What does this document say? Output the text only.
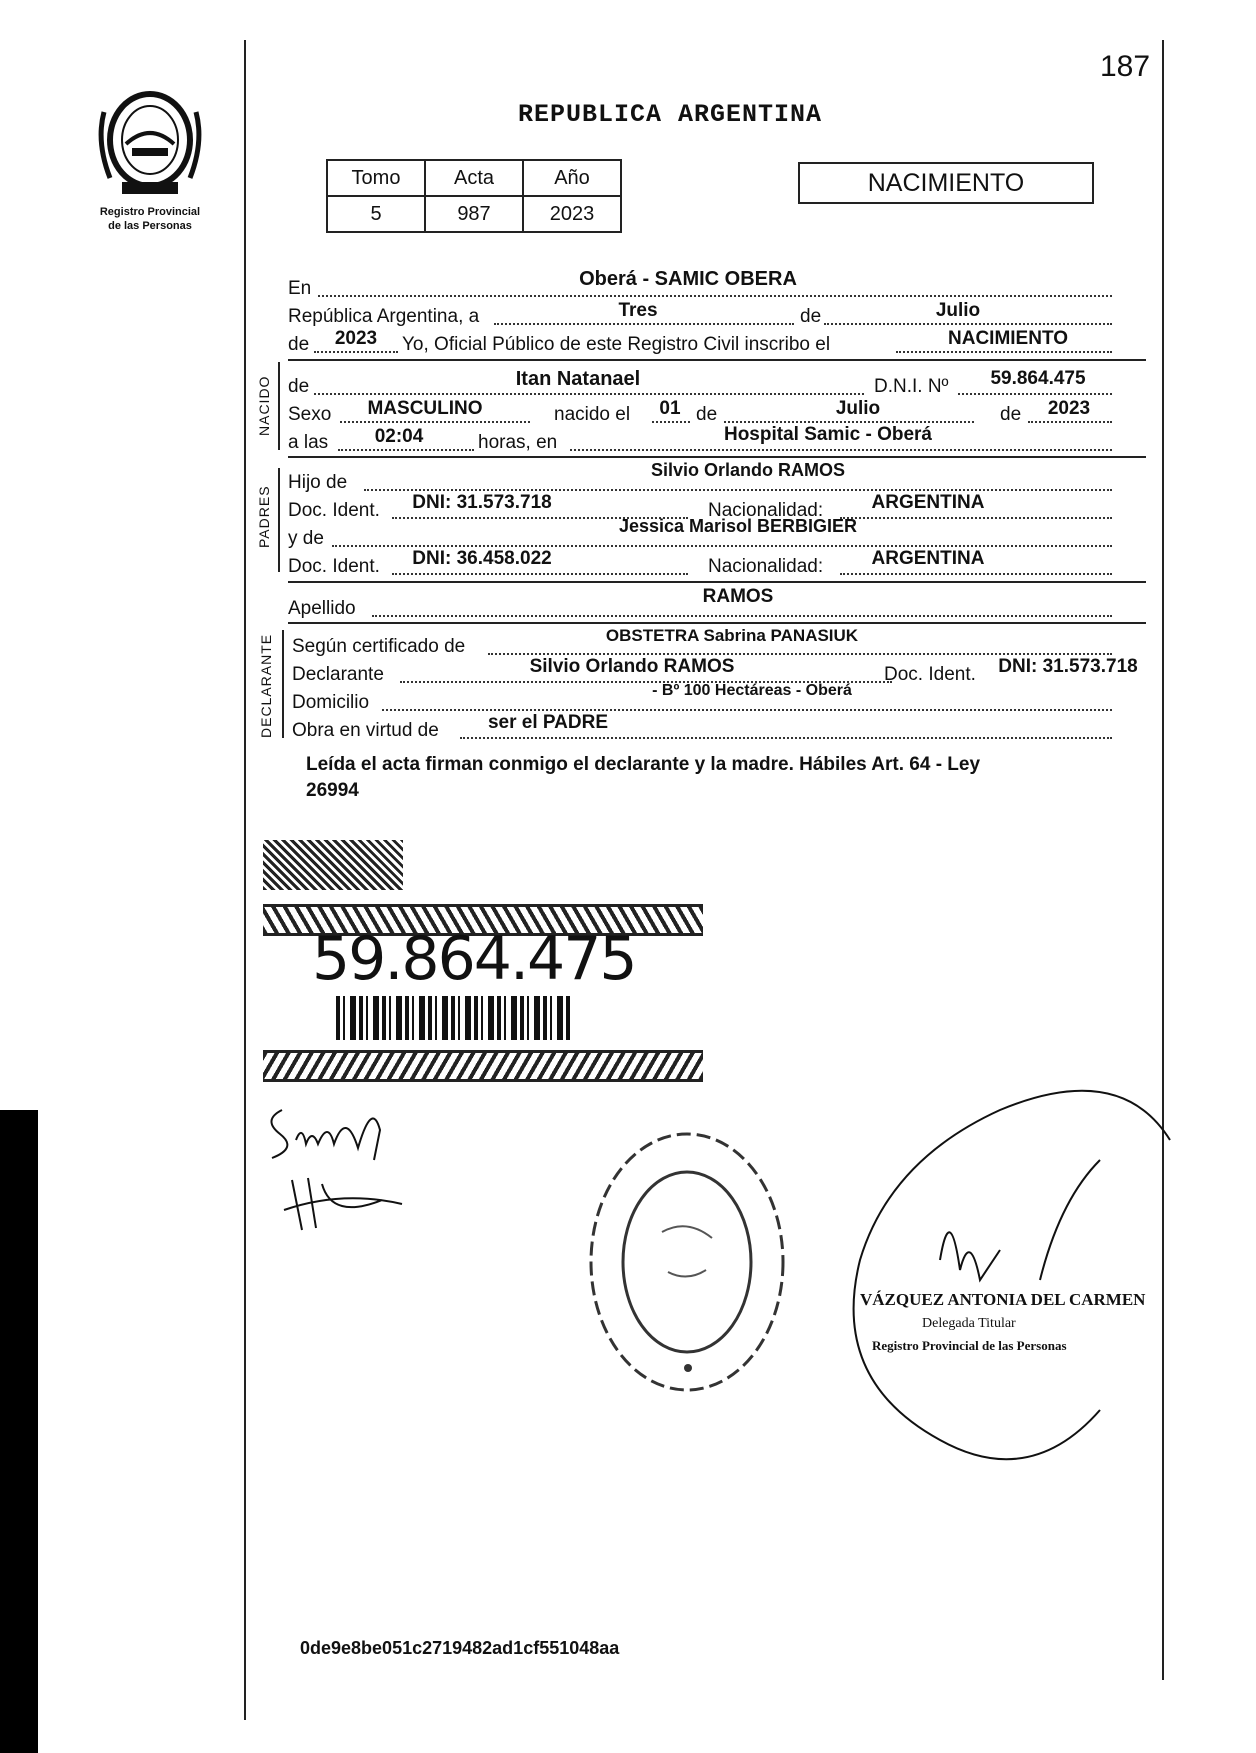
187
Registro Provincial
de las Personas
REPUBLICA ARGENTINA
Tomo	Acta	Año
5	987	2023
NACIMIENTO
NACIDO
PADRES
DECLARANTE
En	Oberá - SAMIC OBERA
República Argentina, a	Tres	de	Julio
de	2023	Yo, Oficial Público de este Registro Civil inscribo el	NACIMIENTO
de	Itan Natanael	D.N.I. Nº	59.864.475
Sexo	MASCULINO	nacido el	01 de	Julio	de	2023
a las	02:04	horas, en	Hospital Samic - Oberá
Hijo de
Silvio Orlando RAMOS
Doc. Ident.	DNI: 31.573.718	Nacionalidad:	ARGENTINA
y de
Jessica Marisol BERBIGIER
Doc. Ident.	DNI: 36.458.022	Nacionalidad:	ARGENTINA
Apellido
RAMOS
Según certificado de
OBSTETRA Sabrina PANASIUK
Declarante	Silvio Orlando RAMOS	Doc. Ident.	DNI: 31.573.718
Domicilio
- Bº 100 Hectáreas - Oberá
Obra en virtud de	ser el PADRE
Leída el acta firman conmigo el declarante y la madre. Hábiles Art. 64 - Ley
26994
59.864.475
VÁZQUEZ ANTONIA DEL CARMEN
Delegada Titular
Registro Provincial de las Personas
0de9e8be051c2719482ad1cf551048aa
